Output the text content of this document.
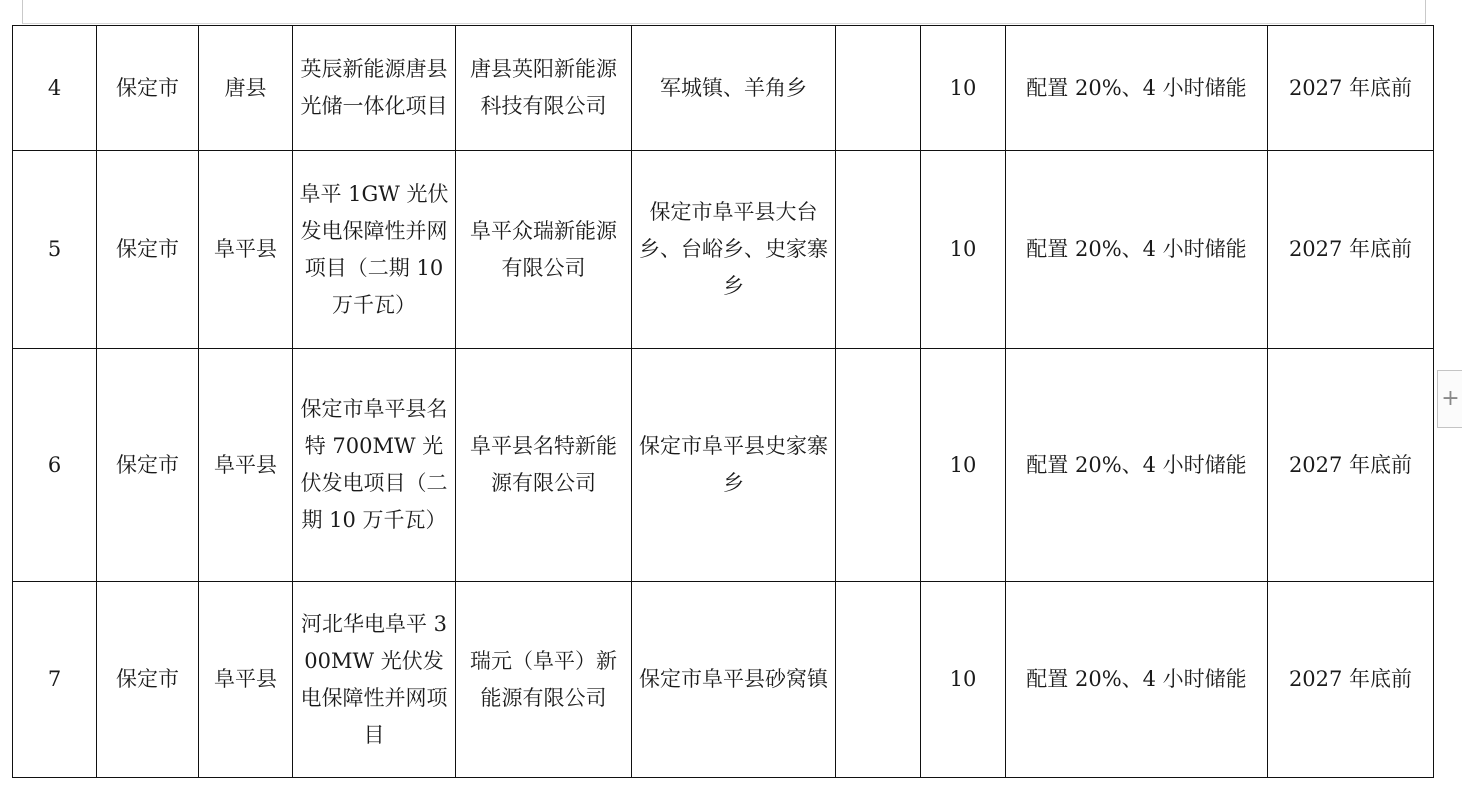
4	保定市	唐县	英辰新能源唐县光储一体化项目	唐县英阳新能源科技有限公司	军城镇、羊角乡		10	配置 20%、4 小时储能	2027 年底前
5	保定市	阜平县	阜平 1GW 光伏发电保障性并网项目（二期 10 万千瓦）	阜平众瑞新能源有限公司	保定市阜平县大台乡、台峪乡、史家寨乡		10	配置 20%、4 小时储能	2027 年底前
6	保定市	阜平县	保定市阜平县名特 700MW 光伏发电项目（二期 10 万千瓦）	阜平县名特新能源有限公司	保定市阜平县史家寨乡		10	配置 20%、4 小时储能	2027 年底前
7	保定市	阜平县	河北华电阜平 300MW 光伏发电保障性并网项目	瑞元（阜平）新能源有限公司	保定市阜平县砂窝镇		10	配置 20%、4 小时储能	2027 年底前
+
